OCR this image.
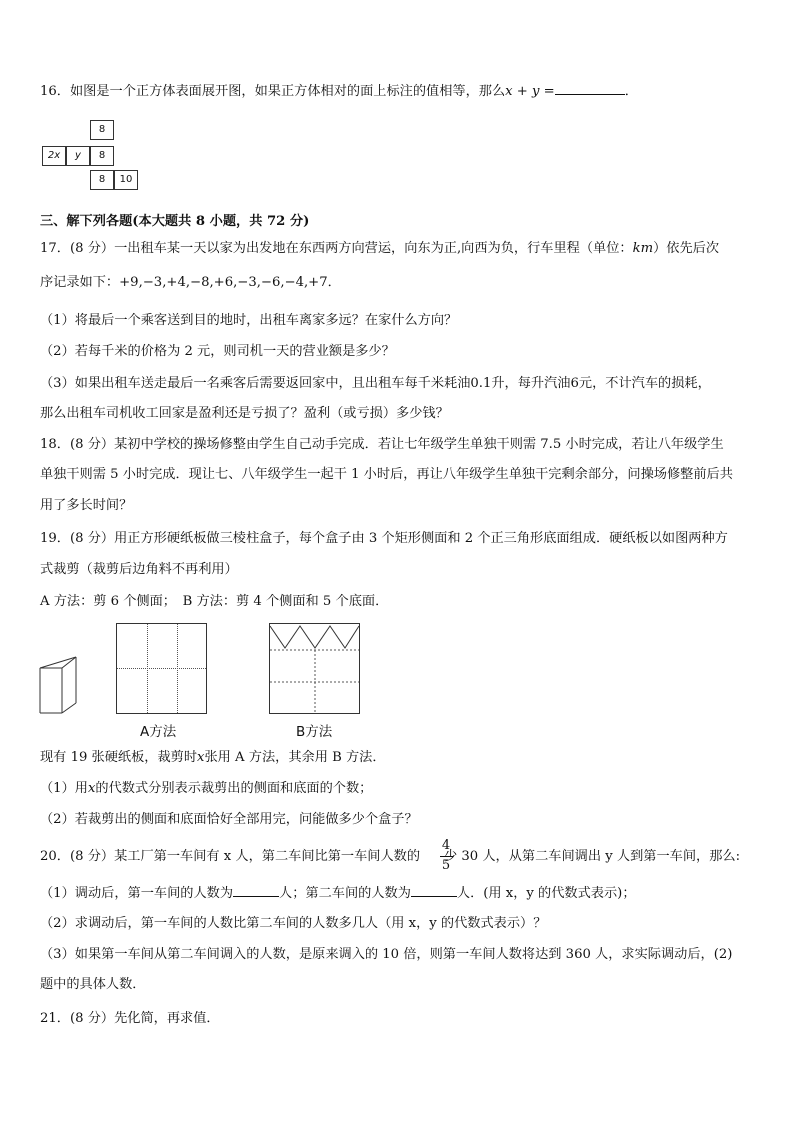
16．如图是一个正方体表面展开图，如果正方体相对的面上标注的值相等，那么x + y =	．
8
2x	y	8
8	10
三、解下列各题(本大题共 8 小题，共 72 分)
17．(8 分）一出租车某一天以家为出发地在东西两方向营运，向东为正,向西为负，行车里程（单位：km）依先后次
序记录如下：+9,−3,+4,−8,+6,−3,−6,−4,+7．
（1）将最后一个乘客送到目的地时，出租车离家多远？在家什么方向？
（2）若每千米的价格为 2 元，则司机一天的营业额是多少？
（3）如果出租车送走最后一名乘客后需要返回家中，且出租车每千米耗油0.1升，每升汽油6元，不计汽车的损耗，
那么出租车司机收工回家是盈利还是亏损了？盈利（或亏损）多少钱？
18．(8 分）某初中学校的操场修整由学生自己动手完成．若让七年级学生单独干则需 7.5 小时完成，若让八年级学生
单独干则需 5 小时完成．现让七、八年级学生一起干 1 小时后，再让八年级学生单独干完剩余部分，问操场修整前后共
用了多长时间？
19．(8 分）用正方形硬纸板做三棱柱盒子，每个盒子由 3 个矩形侧面和 2 个正三角形底面组成．硬纸板以如图两种方
式裁剪（裁剪后边角料不再利用）
A 方法：剪 6 个侧面；　B 方法：剪 4 个侧面和 5 个底面．
A方法	B方法
现有 19 张硬纸板，裁剪时x张用 A 方法，其余用 B 方法．
（1）用x的代数式分别表示裁剪出的侧面和底面的个数；
（2）若裁剪出的侧面和底面恰好全部用完，问能做多少个盒子？
20．(8 分）某工厂第一车间有 x 人，第二车间比第一车间人数的 少 30 人，从第二车间调出 y 人到第一车间，那么:
4
5
（1）调动后，第一车间的人数为	人；第二车间的人数为	人．(用 x，y 的代数式表示)；
（2）求调动后，第一车间的人数比第二车间的人数多几人（用 x，y 的代数式表示）？
（3）如果第一车间从第二车间调入的人数，是原来调入的 10 倍，则第一车间人数将达到 360 人，求实际调动后，(2)
题中的具体人数．
21．(8 分）先化简，再求值．
